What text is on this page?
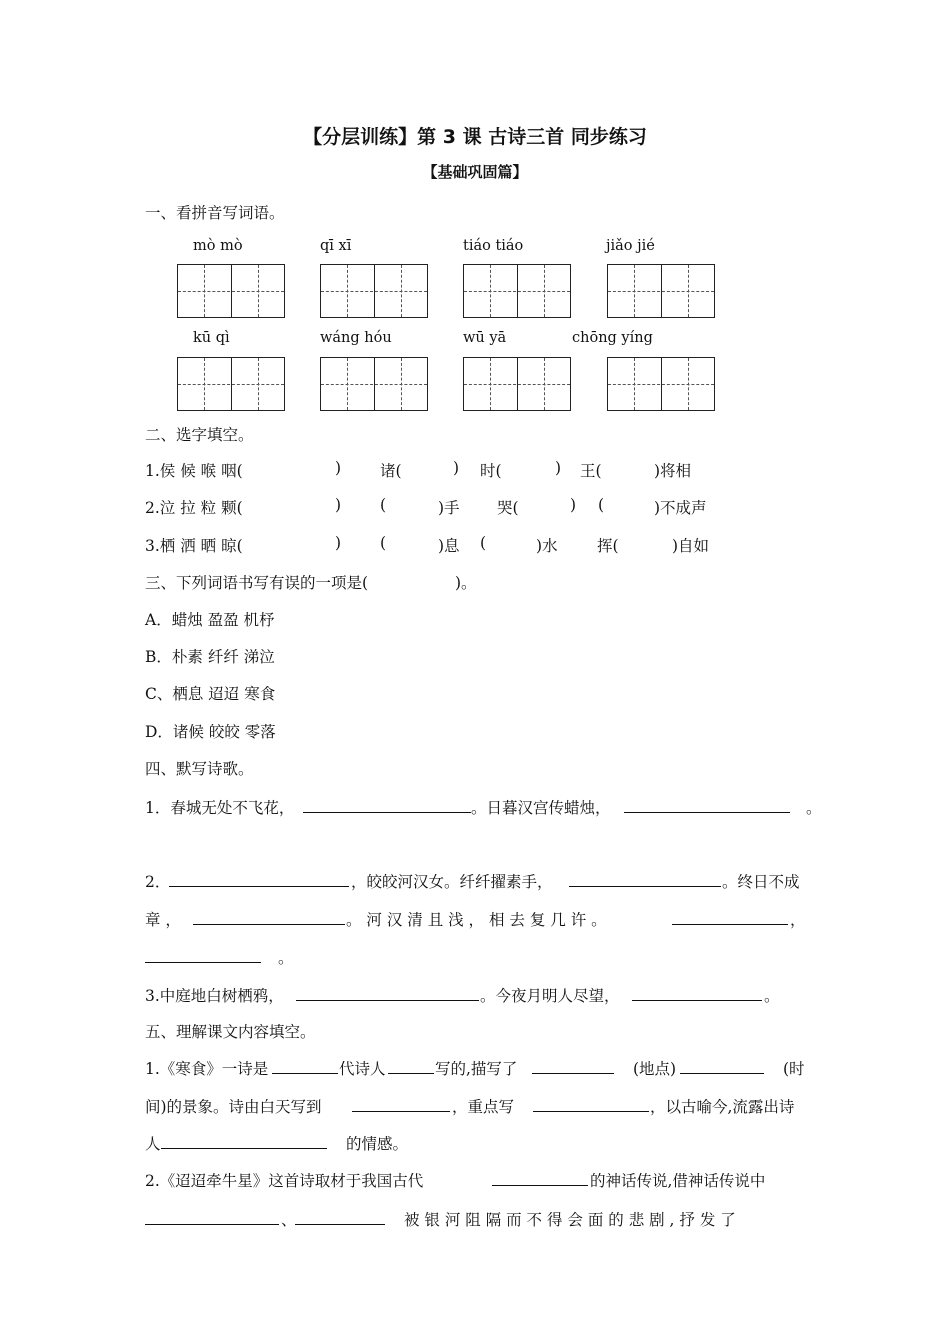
【分层训练】第 3 课 古诗三首 同步练习
【基础巩固篇】
一、看拼音写词语。
mò mò	qī xī	tiáo tiáo	jiǎo jié
kū qì	wáng hóu	wū yā	chōng yíng
二、选字填空。
1.侯 候 喉 咽(	)	诸(	) 时(	) 王(	)将相
2.泣 拉 粒 颗(	)	(	)手 哭(	) (	)不成声
3.栖 洒 晒 晾(	)	(	)息 (	)水	挥(	)自如
三、下列词语书写有误的一项是(	)。
A．蜡烛 盈盈 机杼
B．朴素 纤纤 涕泣
C、栖息 迢迢 寒食
D．诸候 皎皎 零落
四、默写诗歌。
1．春城无处不飞花，	。日暮汉宫传蜡烛，	。
2．	，皎皎河汉女。纤纤擢素手，	。终日不成
章 ，	。 河 汉 清 且 浅 ， 相 去 复 几 许 。	，
。
3.中庭地白树栖鸦，	。今夜月明人尽望，	。
五、理解课文内容填空。
1.《寒食》一诗是	代诗人	写的,描写了	(地点)	(时
间)的景象。诗由白天写到	，重点写	，以古喻今,流露出诗
人	的情感。
2.《迢迢牵牛星》这首诗取材于我国古代	的神话传说,借神话传说中
、	被 银 河 阻 隔 而 不 得 会 面 的 悲 剧 , 抒 发 了
